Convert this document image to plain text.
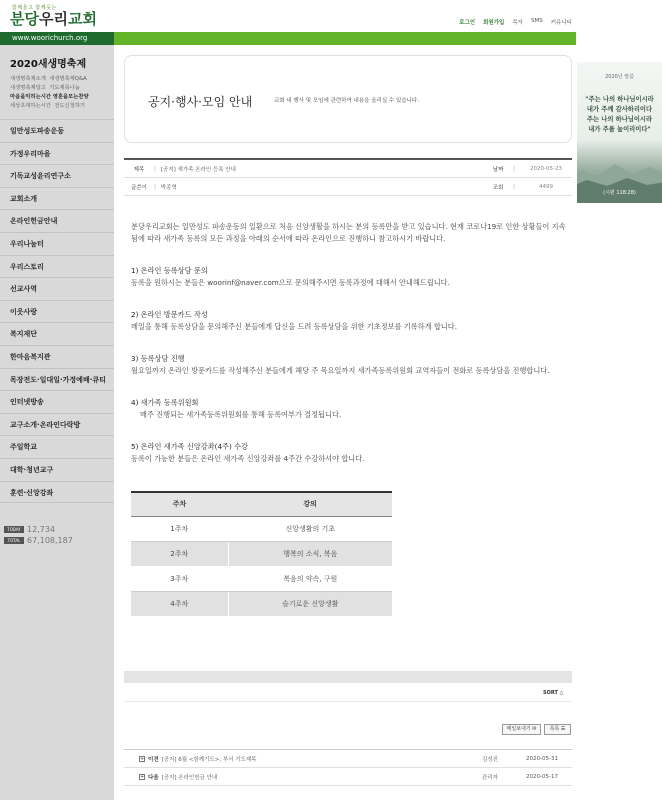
함께울고 함께웃는
분당우리교회	로그인 회원가입 목자 SMS 커뮤니티
www.woorichurch.org
2020새생명축제
새생명축제소개 새생명축제Q&A
새생명축제달고 기도제목나눔
마음을익히는시간 영혼을모는찬양
세상초대하는시간 전도신청하기
일만성도파송운동
가정우리마을
기독교성윤리연구소
교회소개
온라인헌금안내
우리나눔터
우리스토리
선교사역
이웃사랑
복지재단
한마음복지관
목장전도·일대일·가정예배·큐티
인터넷방송
교구소개·온라인다락방
주일학교
대학·청년교구
훈련·신앙강좌
TODAY 12,734
TOTAL 67,108,187
2020년 말씀
"주는 나의 하나님이시라
내가 주께 감사하리이다
주는 나의 하나님이시라
내가 주를 높이리이다"
(시편 118:28)
공지·행사·모임 안내	교회 내 행사 및 모임에 관련하여 내용을 올리실 수 있습니다.
제목	| [공지] 새가족 온라인 등록 안내	날짜	|	2020-05-23
글쓴이	| 박종혁	조회	|	4499

분당우리교회는 일만성도 파송운동의 일환으로 처음 신앙생활을 하시는 분의 등록만을 받고 있습니다. 현재 코로나19로 인한 상황들이 지속됨에 따라 새가족 등록의 모든 과정을 아래의 순서에 따라 온라인으로 진행하니 참고하시기 바랍니다.

1) 온라인 등록상담 문의

등록을 원하시는 분들은 woorinf@naver.com으로 문의해주시면 등록과정에 대해서 안내해드립니다.

2) 온라인 방문카드 작성

메일을 통해 등록상담을 문의해주신 분들에게 답신을 드려 등록상담을 위한 기초정보를 기록하게 합니다.

3) 등록상담 진행

월요일까지 온라인 방문카드를 작성해주신 분들에게 해당 주 목요일까지 새가족등록위원회 교역자들이 전화로 등록상담을 진행합니다.

4) 새가족 등록위원회

매주 진행되는 새가족등록위원회를 통해 등록여부가 결정됩니다.

5) 온라인 새가족 신앙강좌(4주) 수강

등록이 가능한 분들은 온라인 새가족 신앙강좌를 4주간 수강하셔야 합니다.

주차	강의
1주차	신앙생활의 기초
2주차	행복의 소식, 복음
3주차	복음의 약속, 구원
4주차	슬기로운 신앙생활
SORT △
메일보내기 ✉	목록 ☰
+ 이전 [공지] 6월 <함께기도>, 부서 기도제목	김성진	2020-05-31
+ 다음 [공지] 온라인헌금 안내	관리자	2020-05-17
